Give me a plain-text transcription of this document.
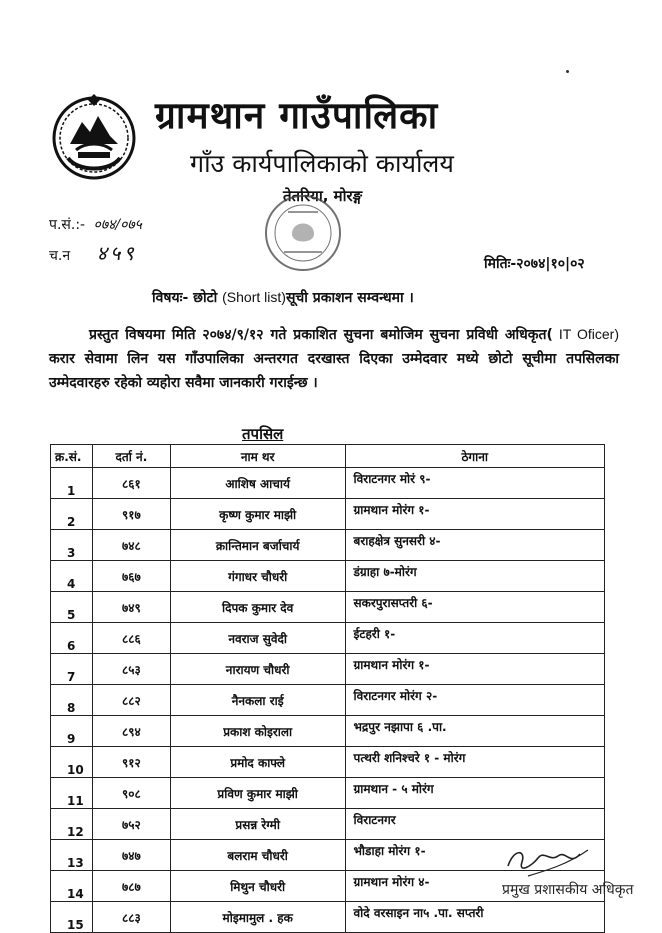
ग्रामथान गाउँपालिका
गाँउ कार्यपालिकाको कार्यालय
तेतरिया, मोरङ्ग
प.सं.:- ०७४/०७५
च.न ४५९	मितिः-२०७४|१०|०२
विषयः- छोटो (Short list)सूची प्रकाशन सम्वन्धमा ।
प्रस्तुत विषयमा मिति २०७४/९/१२ गते प्रकाशित सुचना बमोजिम सुचना प्रविधी अधिकृत( IT Oficer) करार सेवामा लिन यस गाँउपालिका अन्तरगत दरखास्त दिएका उम्मेदवार मध्ये छोटो सूचीमा तपसिलका उम्मेदवारहरु रहेको व्यहोरा सवैमा जानकारी गराईन्छ ।
तपसिल
क्र.सं.	दर्ता नं.	नाम थर	ठेगाना
1	८६१	आशिष आचार्य	विराटनगर मोरं ९-
2	९१७	कृष्ण कुमार माझी	ग्रामथान मोरंग १-
3	७४८	क्रान्तिमान बर्जाचार्य	बराहक्षेत्र सुनसरी ४-
4	७६७	गंगाधर चौधरी	डंग्राहा ७-मोरंग
5	७४९	दिपक कुमार देव	सकरपुरासप्तरी ६-
6	८८६	नवराज सुवेदी	ईटहरी १-
7	८५३	नारायण चौधरी	ग्रामथान मोरंग १-
8	८८२	नैनकला राई	विराटनगर मोरंग २-
9	८९४	प्रकाश कोइराला	भद्रपुर नझापा ६ .पा.
10	९१२	प्रमोद काफ्ले	पत्थरी शनिश्चरे १ - मोरंग
11	९०८	प्रविण कुमार माझी	ग्रामथान - ५ मोरंग
12	७५२	प्रसन्न रेग्मी	विराटनगर
13	७४७	बलराम चौधरी	भौडाहा मोरंग १-
14	७८७	मिथुन चौधरी	ग्रामथान मोरंग ४-
15	८८३	मोइमामुल . हक	वोदे वरसाइन ना५ .पा. सप्तरी
प्रमुख प्रशासकीय अधिकृत
